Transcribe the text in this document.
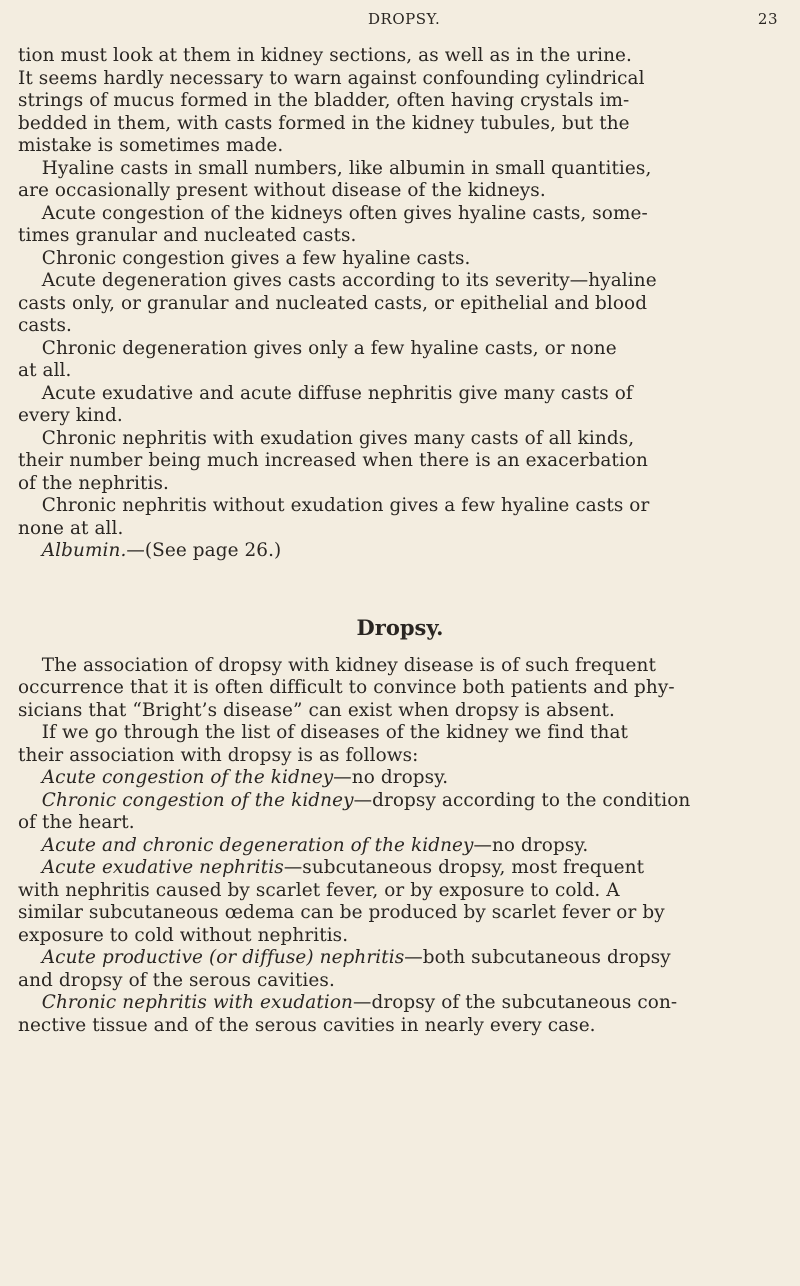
DROPSY.	23
tion must look at them in kidney sections, as well as in the urine.
It seems hardly necessary to warn against confounding cylindrical
strings of mucus formed in the bladder, often having crystals im-
bedded in them, with casts formed in the kidney tubules, but the
mistake is sometimes made.
Hyaline casts in small numbers, like albumin in small quantities,
are occasionally present without disease of the kidneys.
Acute congestion of the kidneys often gives hyaline casts, some-
times granular and nucleated casts.
Chronic congestion gives a few hyaline casts.
Acute degeneration gives casts according to its severity—hyaline
casts only, or granular and nucleated casts, or epithelial and blood
casts.
Chronic degeneration gives only a few hyaline casts, or none
at all.
Acute exudative and acute diffuse nephritis give many casts of
every kind.
Chronic nephritis with exudation gives many casts of all kinds,
their number being much increased when there is an exacerbation
of the nephritis.
Chronic nephritis without exudation gives a few hyaline casts or
none at all.
Albumin.—(See page 26.)
Dropsy.
The association of dropsy with kidney disease is of such frequent
occurrence that it is often difficult to convince both patients and phy-
sicians that “Bright’s disease” can exist when dropsy is absent.
If we go through the list of diseases of the kidney we find that
their association with dropsy is as follows:
Acute congestion of the kidney—no dropsy.
Chronic congestion of the kidney—dropsy according to the condition
of the heart.
Acute and chronic degeneration of the kidney—no dropsy.
Acute exudative nephritis—subcutaneous dropsy, most frequent
with nephritis caused by scarlet fever, or by exposure to cold. A
similar subcutaneous œdema can be produced by scarlet fever or by
exposure to cold without nephritis.
Acute productive (or diffuse) nephritis—both subcutaneous dropsy
and dropsy of the serous cavities.
Chronic nephritis with exudation—dropsy of the subcutaneous con-
nective tissue and of the serous cavities in nearly every case.
